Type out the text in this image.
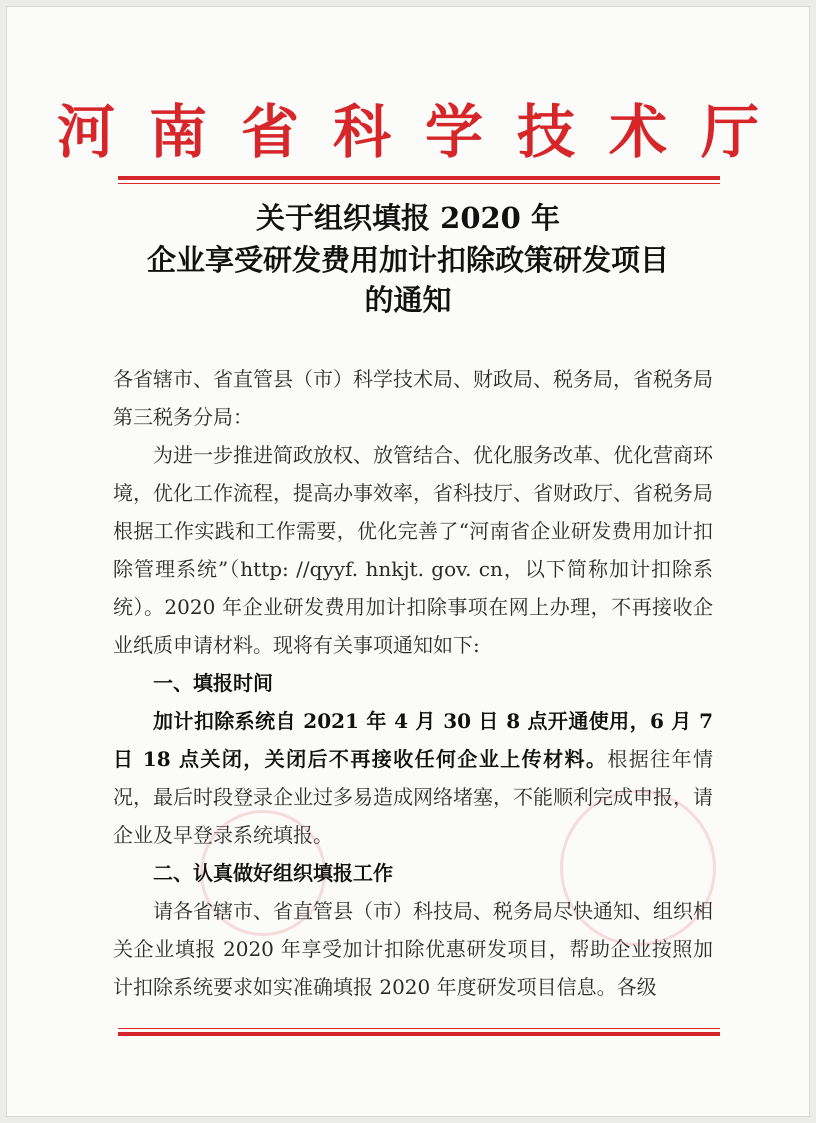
河南省科学技术厅
关于组织填报 2020 年
企业享受研发费用加计扣除政策研发项目
的通知

各省辖市、省直管县（市）科学技术局、财政局、税务局，省税务局第三税务分局：

为进一步推进简政放权、放管结合、优化服务改革、优化营商环境，优化工作流程，提高办事效率，省科技厅、省财政厅、省税务局根据工作实践和工作需要，优化完善了“河南省企业研发费用加计扣除管理系统”（http: //qyyf. hnkjt. gov. cn，以下简称加计扣除系统）。2020 年企业研发费用加计扣除事项在网上办理，不再接收企业纸质申请材料。现将有关事项通知如下:

一、填报时间

加计扣除系统自 2021 年 4 月 30 日 8 点开通使用，6 月 7 日 18 点关闭，关闭后不再接收任何企业上传材料。根据往年情况，最后时段登录企业过多易造成网络堵塞，不能顺利完成申报，请企业及早登录系统填报。

二、认真做好组织填报工作

请各省辖市、省直管县（市）科技局、税务局尽快通知、组织相关企业填报 2020 年享受加计扣除优惠研发项目，帮助企业按照加计扣除系统要求如实准确填报 2020 年度研发项目信息。各级
